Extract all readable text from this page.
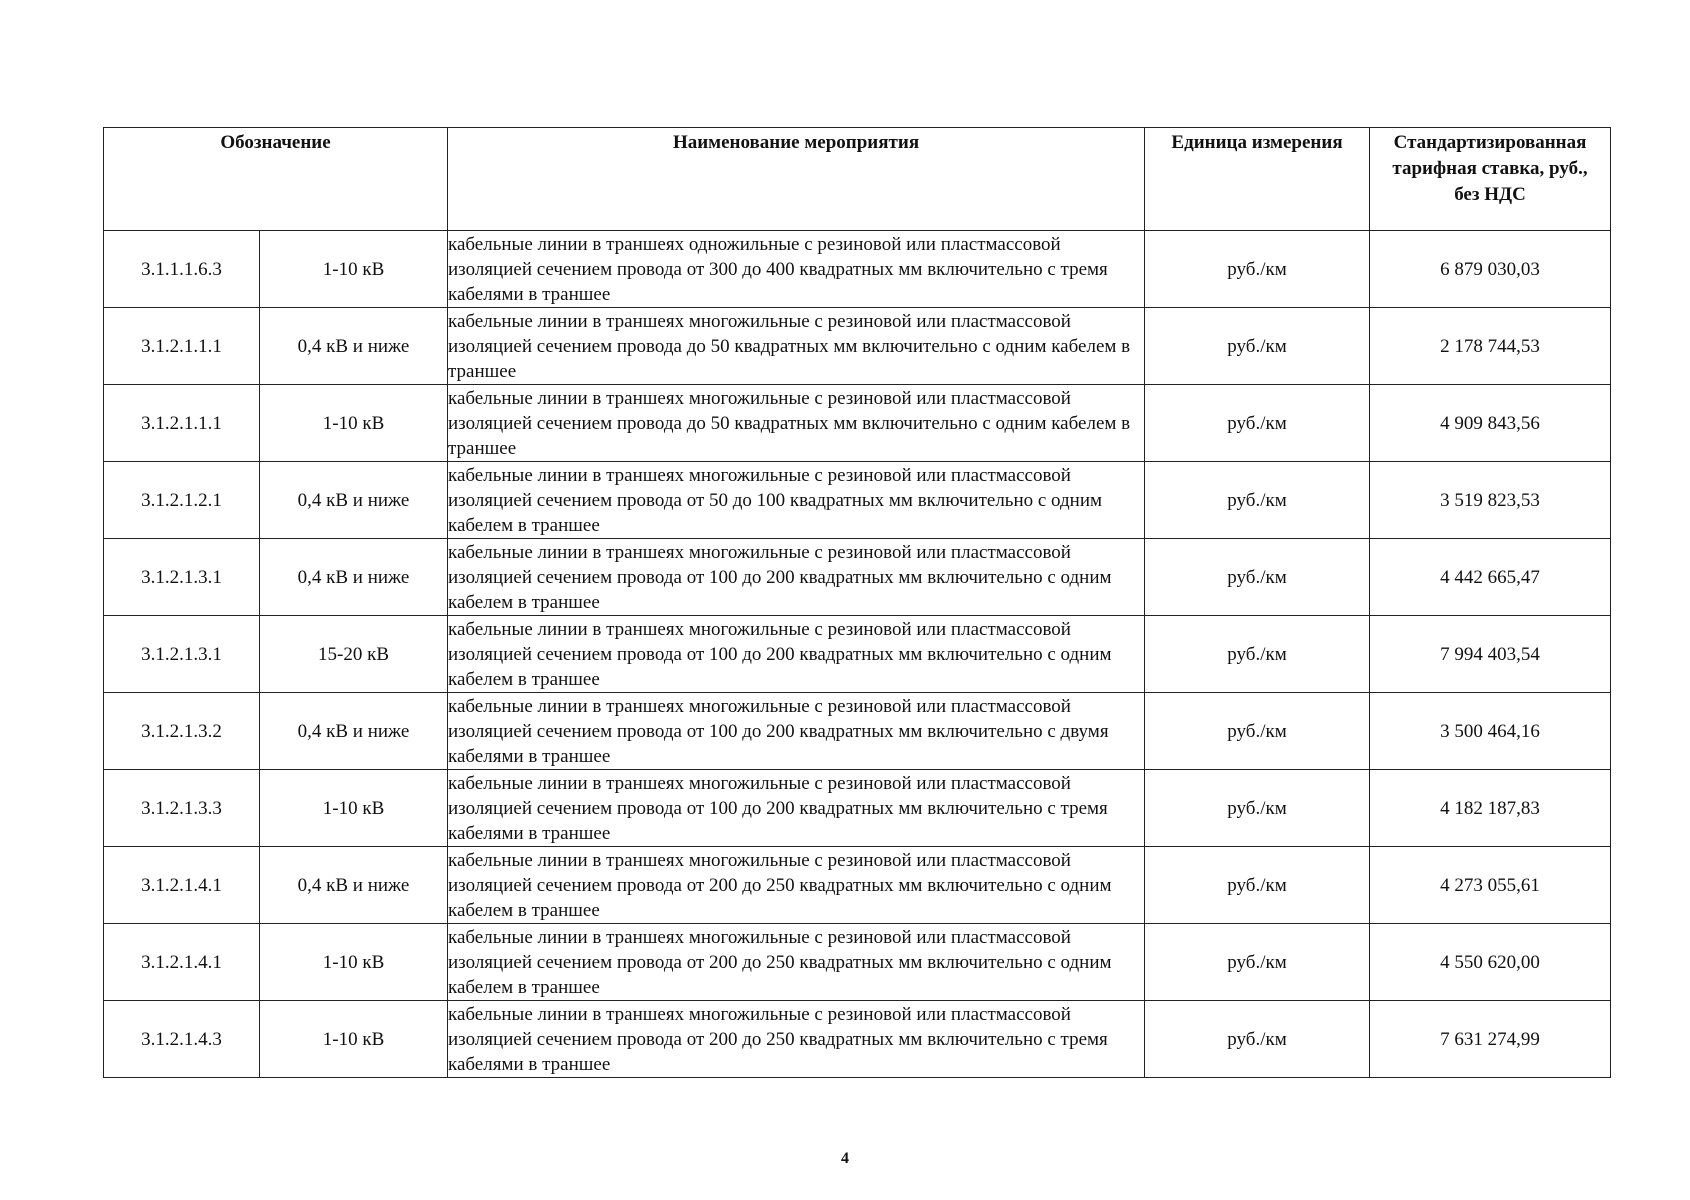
Обозначение		Наименование мероприятия	Единица измерения	Стандартизированная тарифная ставка, руб., без НДС
3.1.1.1.6.3	1-10 кВ	кабельные линии в траншеях одножильные с резиновой или пластмассовой изоляцией сечением провода от 300 до 400 квадратных мм включительно с тремя кабелями в траншее	руб./км	6 879 030,03
3.1.2.1.1.1	0,4 кВ и ниже	кабельные линии в траншеях многожильные с резиновой или пластмассовой изоляцией сечением провода до 50 квадратных мм включительно с одним кабелем в траншее	руб./км	2 178 744,53
3.1.2.1.1.1	1-10 кВ	кабельные линии в траншеях многожильные с резиновой или пластмассовой изоляцией сечением провода до 50 квадратных мм включительно с одним кабелем в траншее	руб./км	4 909 843,56
3.1.2.1.2.1	0,4 кВ и ниже	кабельные линии в траншеях многожильные с резиновой или пластмассовой изоляцией сечением провода от 50 до 100 квадратных мм включительно с одним кабелем в траншее	руб./км	3 519 823,53
3.1.2.1.3.1	0,4 кВ и ниже	кабельные линии в траншеях многожильные с резиновой или пластмассовой изоляцией сечением провода от 100 до 200 квадратных мм включительно с одним кабелем в траншее	руб./км	4 442 665,47
3.1.2.1.3.1	15-20 кВ	кабельные линии в траншеях многожильные с резиновой или пластмассовой изоляцией сечением провода от 100 до 200 квадратных мм включительно с одним кабелем в траншее	руб./км	7 994 403,54
3.1.2.1.3.2	0,4 кВ и ниже	кабельные линии в траншеях многожильные с резиновой или пластмассовой изоляцией сечением провода от 100 до 200 квадратных мм включительно с двумя кабелями в траншее	руб./км	3 500 464,16
3.1.2.1.3.3	1-10 кВ	кабельные линии в траншеях многожильные с резиновой или пластмассовой изоляцией сечением провода от 100 до 200 квадратных мм включительно с тремя кабелями в траншее	руб./км	4 182 187,83
3.1.2.1.4.1	0,4 кВ и ниже	кабельные линии в траншеях многожильные с резиновой или пластмассовой изоляцией сечением провода от 200 до 250 квадратных мм включительно с одним кабелем в траншее	руб./км	4 273 055,61
3.1.2.1.4.1	1-10 кВ	кабельные линии в траншеях многожильные с резиновой или пластмассовой изоляцией сечением провода от 200 до 250 квадратных мм включительно с одним кабелем в траншее	руб./км	4 550 620,00
3.1.2.1.4.3	1-10 кВ	кабельные линии в траншеях многожильные с резиновой или пластмассовой изоляцией сечением провода от 200 до 250 квадратных мм включительно с тремя кабелями в траншее	руб./км	7 631 274,99
4
